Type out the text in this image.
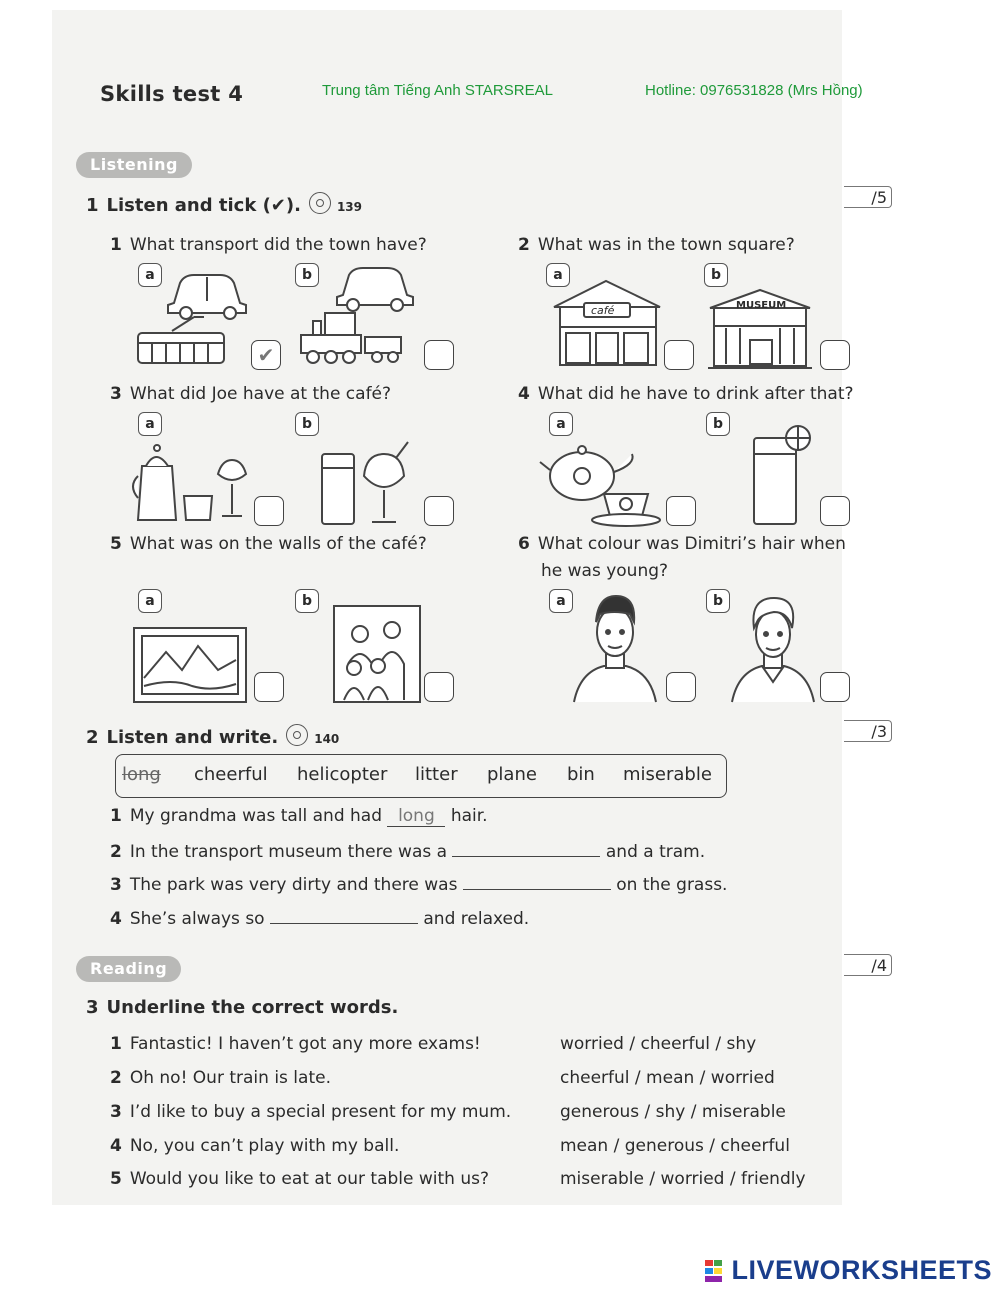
Skills test 4	Trung tâm Tiếng Anh STARSREAL	Hotline: 0976531828 (Mrs Hồng)
Listening
1 Listen and tick (✔).	139	/5
1 What transport did the town have?
a	b
✔
2 What was in the town square?
a	b
café	MUSEUM
3 What did Joe have at the café?
a	b
4 What did he have to drink after that?
a	b
5 What was on the walls of the café?
a	b
6 What colour was Dimitri’s hair when
he was young?
a	b
2 Listen and write.	140	/3
long cheerful helicopter litter plane bin miserable
1 My grandma was tall and had long hair.
2 In the transport museum there was a	and a tram.
3 The park was very dirty and there was	on the grass.
4 She’s always so	and relaxed.
Reading	/4
3 Underline the correct words.
1 Fantastic! I haven’t got any more exams!	worried / cheerful / shy
2 Oh no! Our train is late.	cheerful / mean / worried
3 I’d like to buy a special present for my mum.	generous / shy / miserable
4 No, you can’t play with my ball.	mean / generous / cheerful
5 Would you like to eat at our table with us?	miserable / worried / friendly
LIVEWORKSHEETS
